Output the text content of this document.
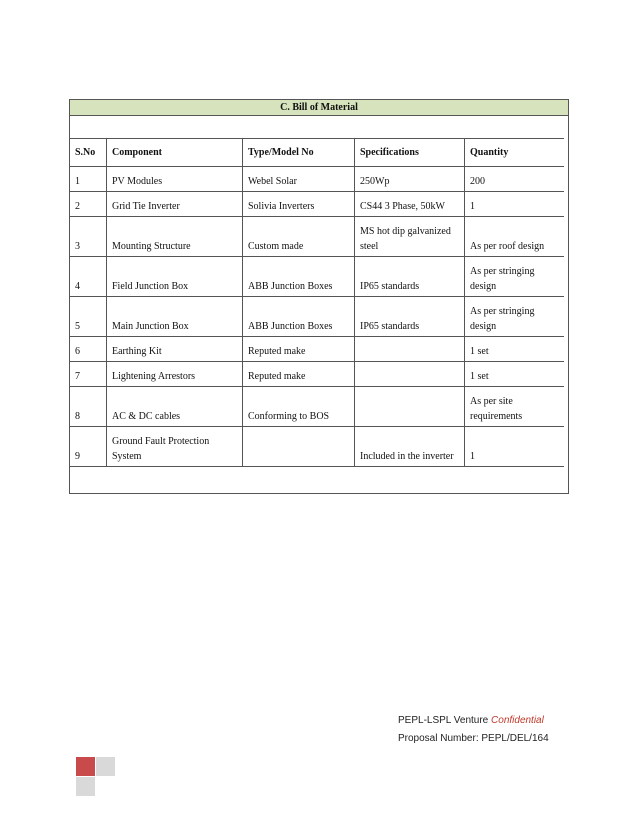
C. Bill of Material
S.No	Component	Type/Model No	Specifications	Quantity
1	PV Modules	Webel Solar	250Wp	200
2	Grid Tie Inverter	Solivia Inverters	CS44 3 Phase, 50kW	1
3	Mounting Structure	Custom made	MS hot dip galvanized steel	As per roof design
4	Field Junction Box	ABB Junction Boxes	IP65 standards	As per stringing design
5	Main Junction Box	ABB Junction Boxes	IP65 standards	As per stringing design
6	Earthing Kit	Reputed make		1 set
7	Lightening Arrestors	Reputed make		1 set
8	AC & DC cables	Conforming to BOS		As per site requirements
9	Ground Fault Protection System		Included in the inverter	1
PEPL-LSPL Venture Confidential
Proposal Number: PEPL/DEL/164
